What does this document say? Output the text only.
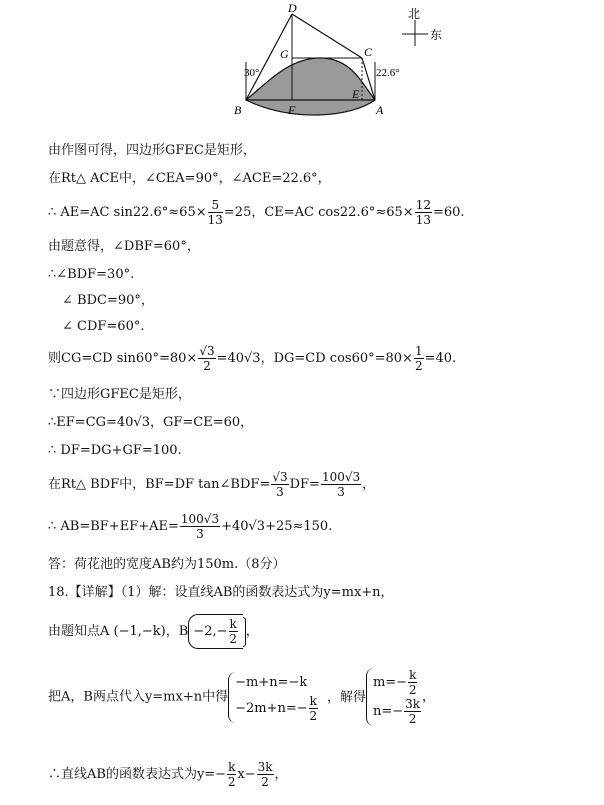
D
G	C
B	F
E
A
30°	22.6°
北
东
由作图可得，四边形GFEC是矩形，
在Rt△ ACE中，∠CEA=90°，∠ACE=22.6°，
∴ AE=AC $\sin 22.6^\circ\approx 65\times \frac{5}{13} =25$，CE=AC $\cos 22.6^\circ\approx 65\times \frac{12}{13} =60$.
由题意得，∠DBF=60°，
∴∠BDF=30°.
∠ BDC=90°，
∠ CDF=60°.
则CG=CD $\sin 60^\circ=80\times \frac{√3}{2} =40√3$，DG=CD $\cos 60^\circ=80\times \frac{1}{2} =40$.
∵四边形GFEC是矩形，
∴EF=CG=40√3，GF=CE=60，
∴ DF=DG+GF=100.
在Rt△ BDF中，BF=DF tan∠BDF= $\frac{√3}{3} DF= \frac{100√3}{3}$ ，
∴ $AB=BF+EF+AE= \frac{100√3}{3} +40√3+25\approx 150$.
答：荷花池的宽度AB约为150m.（8分）
18.【详解】（1）解：设直线AB的函数表达式为y=mx+n，
由题知点A (−1,−k)，$B -2,- \frac{k}{2}$ ，
把A，B两点代入y=mx+n中得
−m+n=−k
$-2m+n=- \frac{k}{2}$ ，解得
$m=- \frac{k}{2}$
$n=- \frac{3k}{2}$ ，
∴直线AB的函数表达式为$y=- \frac{k}{2} x- \frac{3k}{2}$ ，
